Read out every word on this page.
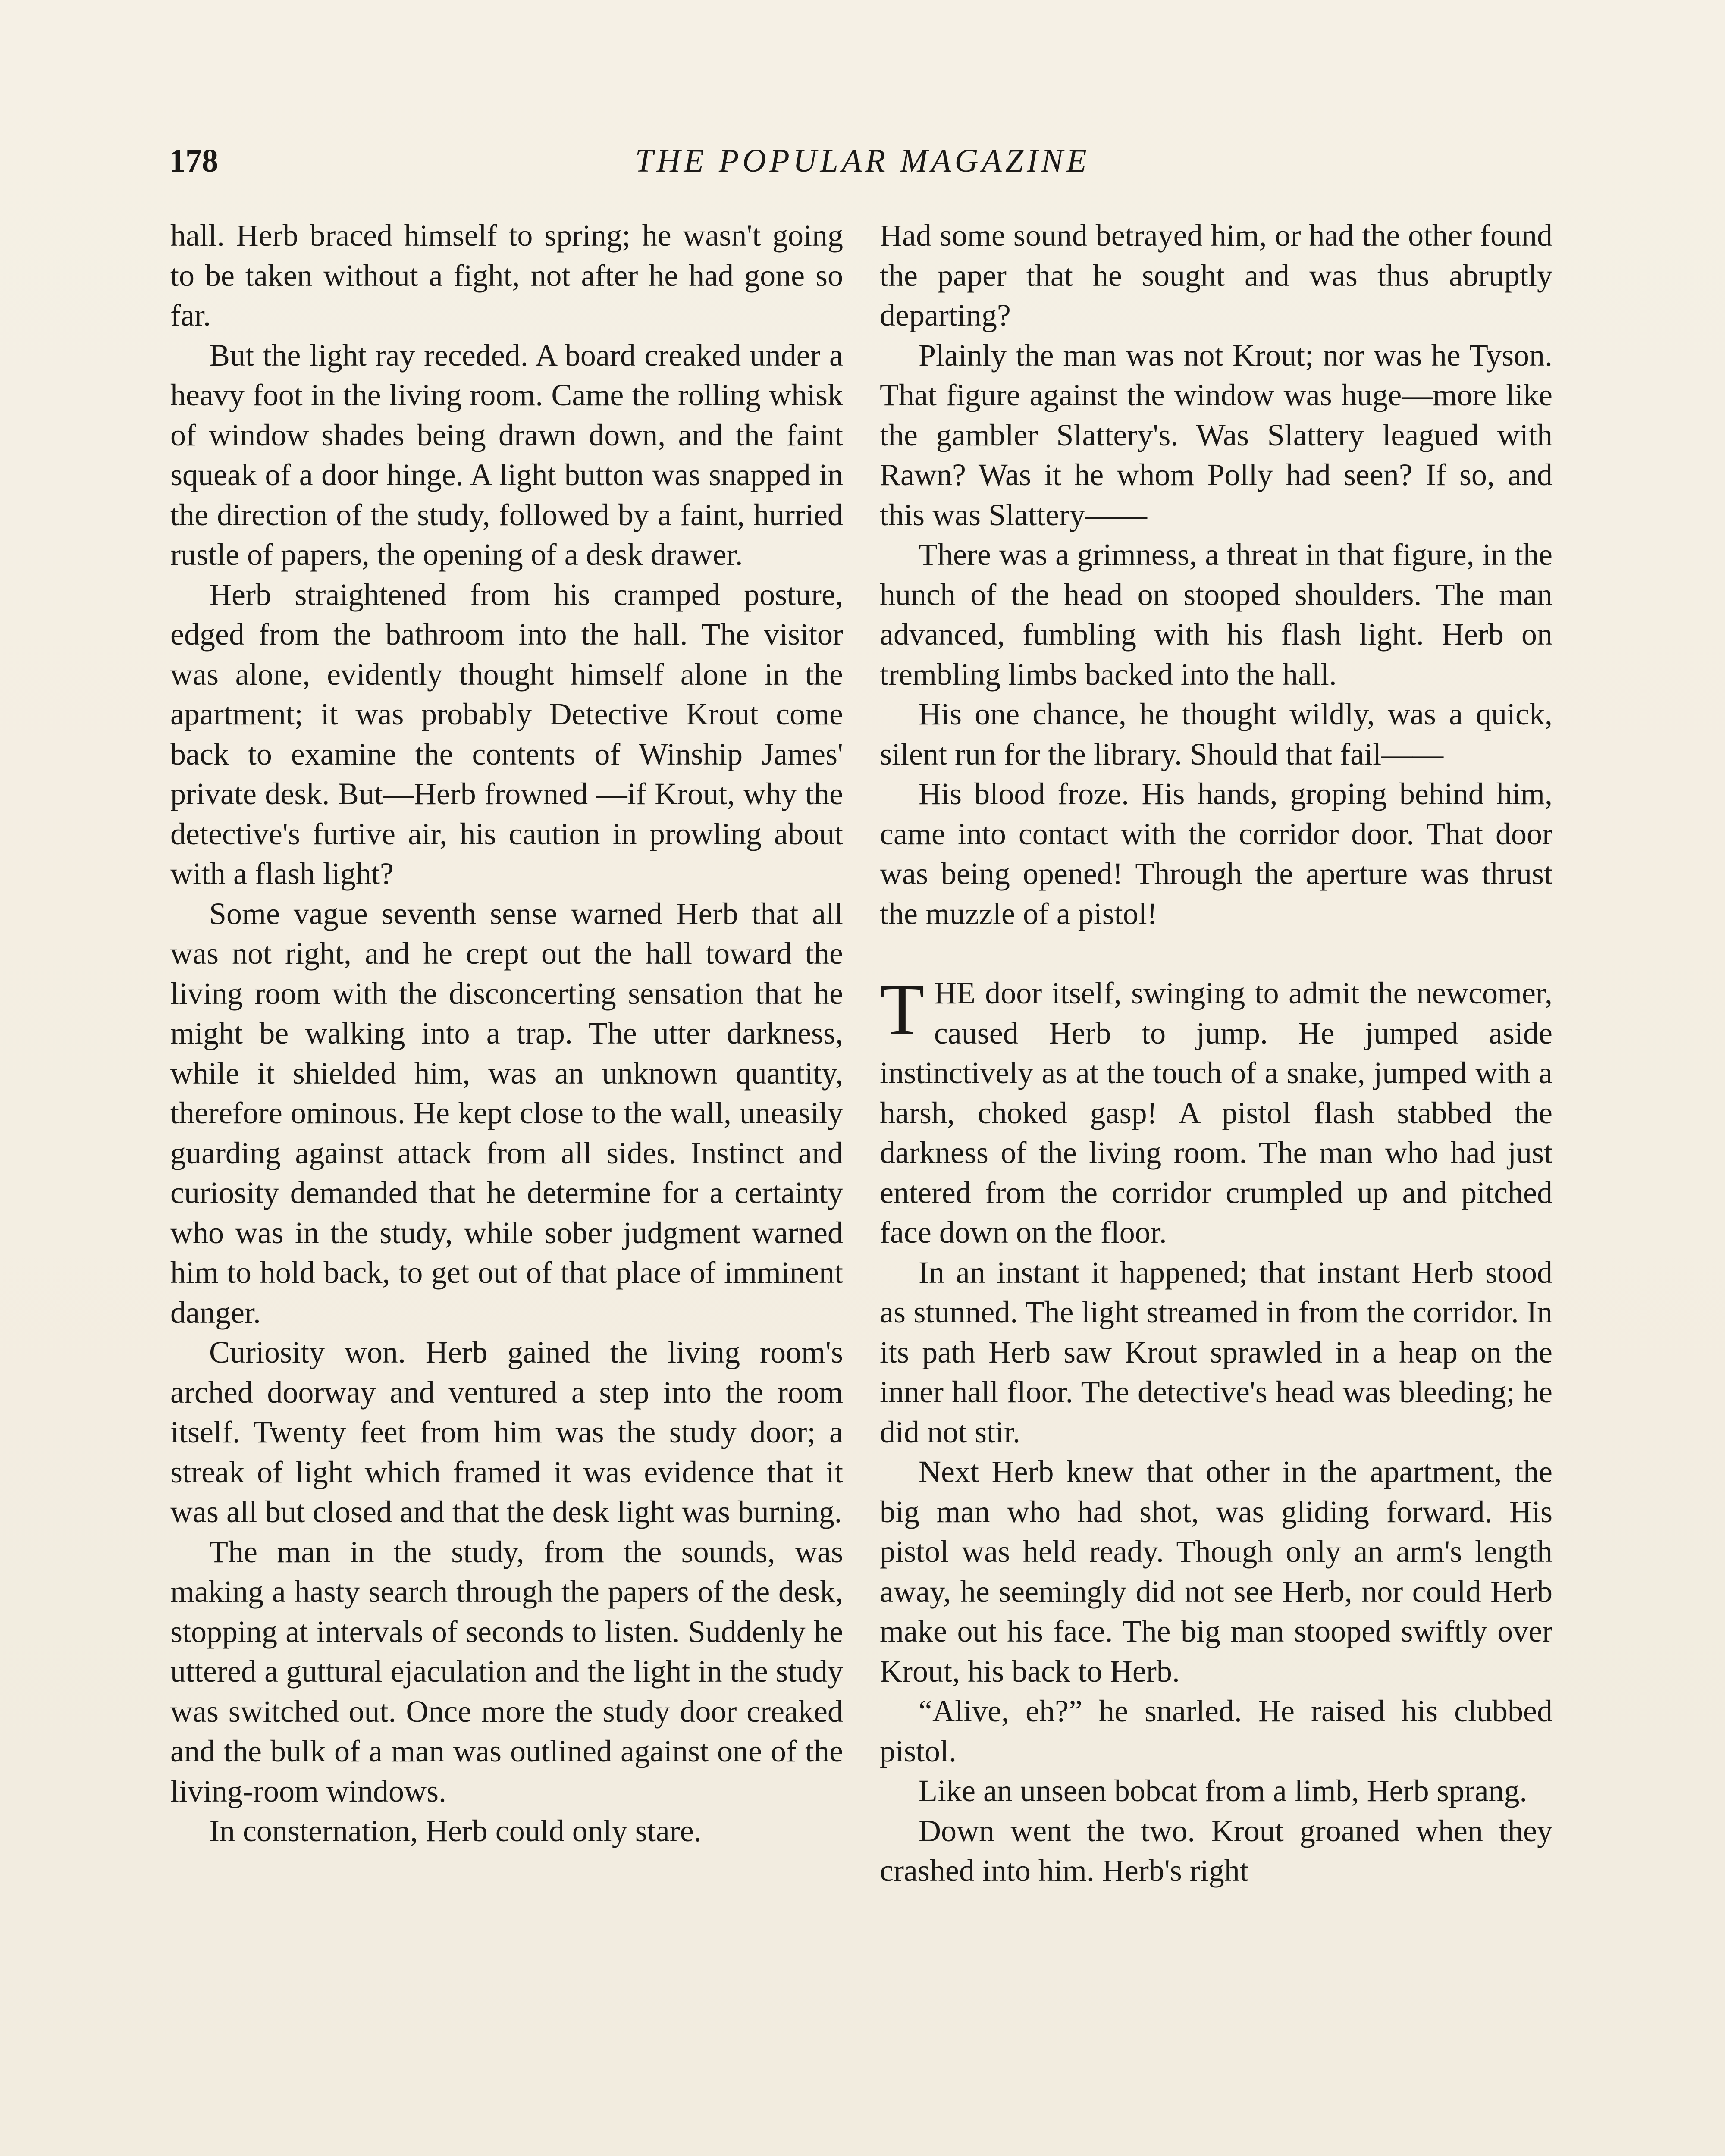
178	THE POPULAR MAGAZINE

hall. Herb braced himself to spring; he wasn't going to be taken without a fight, not after he had gone so far.

But the light ray receded. A board creaked under a heavy foot in the living room. Came the rolling whisk of window shades being drawn down, and the faint squeak of a door hinge. A light button was snapped in the direction of the study, followed by a faint, hurried rustle of papers, the opening of a desk drawer.

Herb straightened from his cramped posture, edged from the bathroom into the hall. The visitor was alone, evidently thought himself alone in the apartment; it was probably Detective Krout come back to examine the contents of Winship James' private desk. But—Herb frowned —if Krout, why the detective's furtive air, his caution in prowling about with a flash light?

Some vague seventh sense warned Herb that all was not right, and he crept out the hall toward the living room with the disconcerting sensation that he might be walking into a trap. The utter darkness, while it shielded him, was an unknown quantity, therefore ominous. He kept close to the wall, uneasily guarding against attack from all sides. Instinct and curiosity demanded that he determine for a certainty who was in the study, while sober judgment warned him to hold back, to get out of that place of imminent danger.

Curiosity won. Herb gained the living room's arched doorway and ventured a step into the room itself. Twenty feet from him was the study door; a streak of light which framed it was evidence that it was all but closed and that the desk light was burning.

The man in the study, from the sounds, was making a hasty search through the papers of the desk, stopping at intervals of seconds to listen. Suddenly he uttered a guttural ejaculation and the light in the study was switched out. Once more the study door creaked and the bulk of a man was outlined against one of the living-room windows.

In consternation, Herb could only stare.

Had some sound betrayed him, or had the other found the paper that he sought and was thus abruptly departing?

Plainly the man was not Krout; nor was he Tyson. That figure against the window was huge—more like the gambler Slattery's. Was Slattery leagued with Rawn? Was it he whom Polly had seen? If so, and this was Slattery——

There was a grimness, a threat in that figure, in the hunch of the head on stooped shoulders. The man advanced, fumbling with his flash light. Herb on trembling limbs backed into the hall.

His one chance, he thought wildly, was a quick, silent run for the library. Should that fail——

His blood froze. His hands, groping behind him, came into contact with the corridor door. That door was being opened! Through the aperture was thrust the muzzle of a pistol!

THE door itself, swinging to admit the newcomer, caused Herb to jump. He jumped aside instinctively as at the touch of a snake, jumped with a harsh, choked gasp! A pistol flash stabbed the darkness of the living room. The man who had just entered from the corridor crumpled up and pitched face down on the floor.

In an instant it happened; that instant Herb stood as stunned. The light streamed in from the corridor. In its path Herb saw Krout sprawled in a heap on the inner hall floor. The detective's head was bleeding; he did not stir.

Next Herb knew that other in the apartment, the big man who had shot, was gliding forward. His pistol was held ready. Though only an arm's length away, he seemingly did not see Herb, nor could Herb make out his face. The big man stooped swiftly over Krout, his back to Herb.

“Alive, eh?” he snarled. He raised his clubbed pistol.

Like an unseen bobcat from a limb, Herb sprang.

Down went the two. Krout groaned when they crashed into him. Herb's right
